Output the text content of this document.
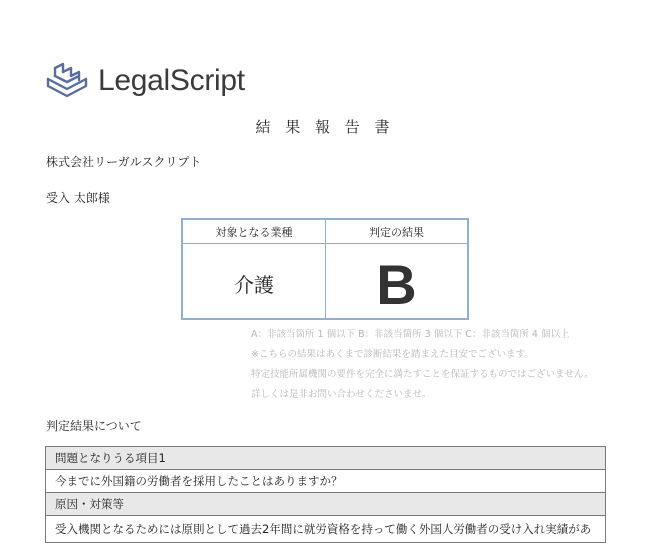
LegalScript
結 果 報 告 書
株式会社リーガルスクリプト
受入 太郎様
対象となる業種	判定の結果
介護	B
A：非該当箇所 1 個以下 B：非該当箇所 3 個以下 C：非該当箇所 4 個以上
※こちらの結果はあくまで診断結果を踏まえた目安でございます。
特定技能所属機関の要件を完全に満たすことを保証するものではございません。
詳しくは是非お問い合わせくださいませ。
判定結果について
問題となりうる項目1
今までに外国籍の労働者を採用したことはありますか？
原因・対策等
受入機関となるためには原則として過去2年間に就労資格を持って働く外国人労働者の受け入れ実績があ
